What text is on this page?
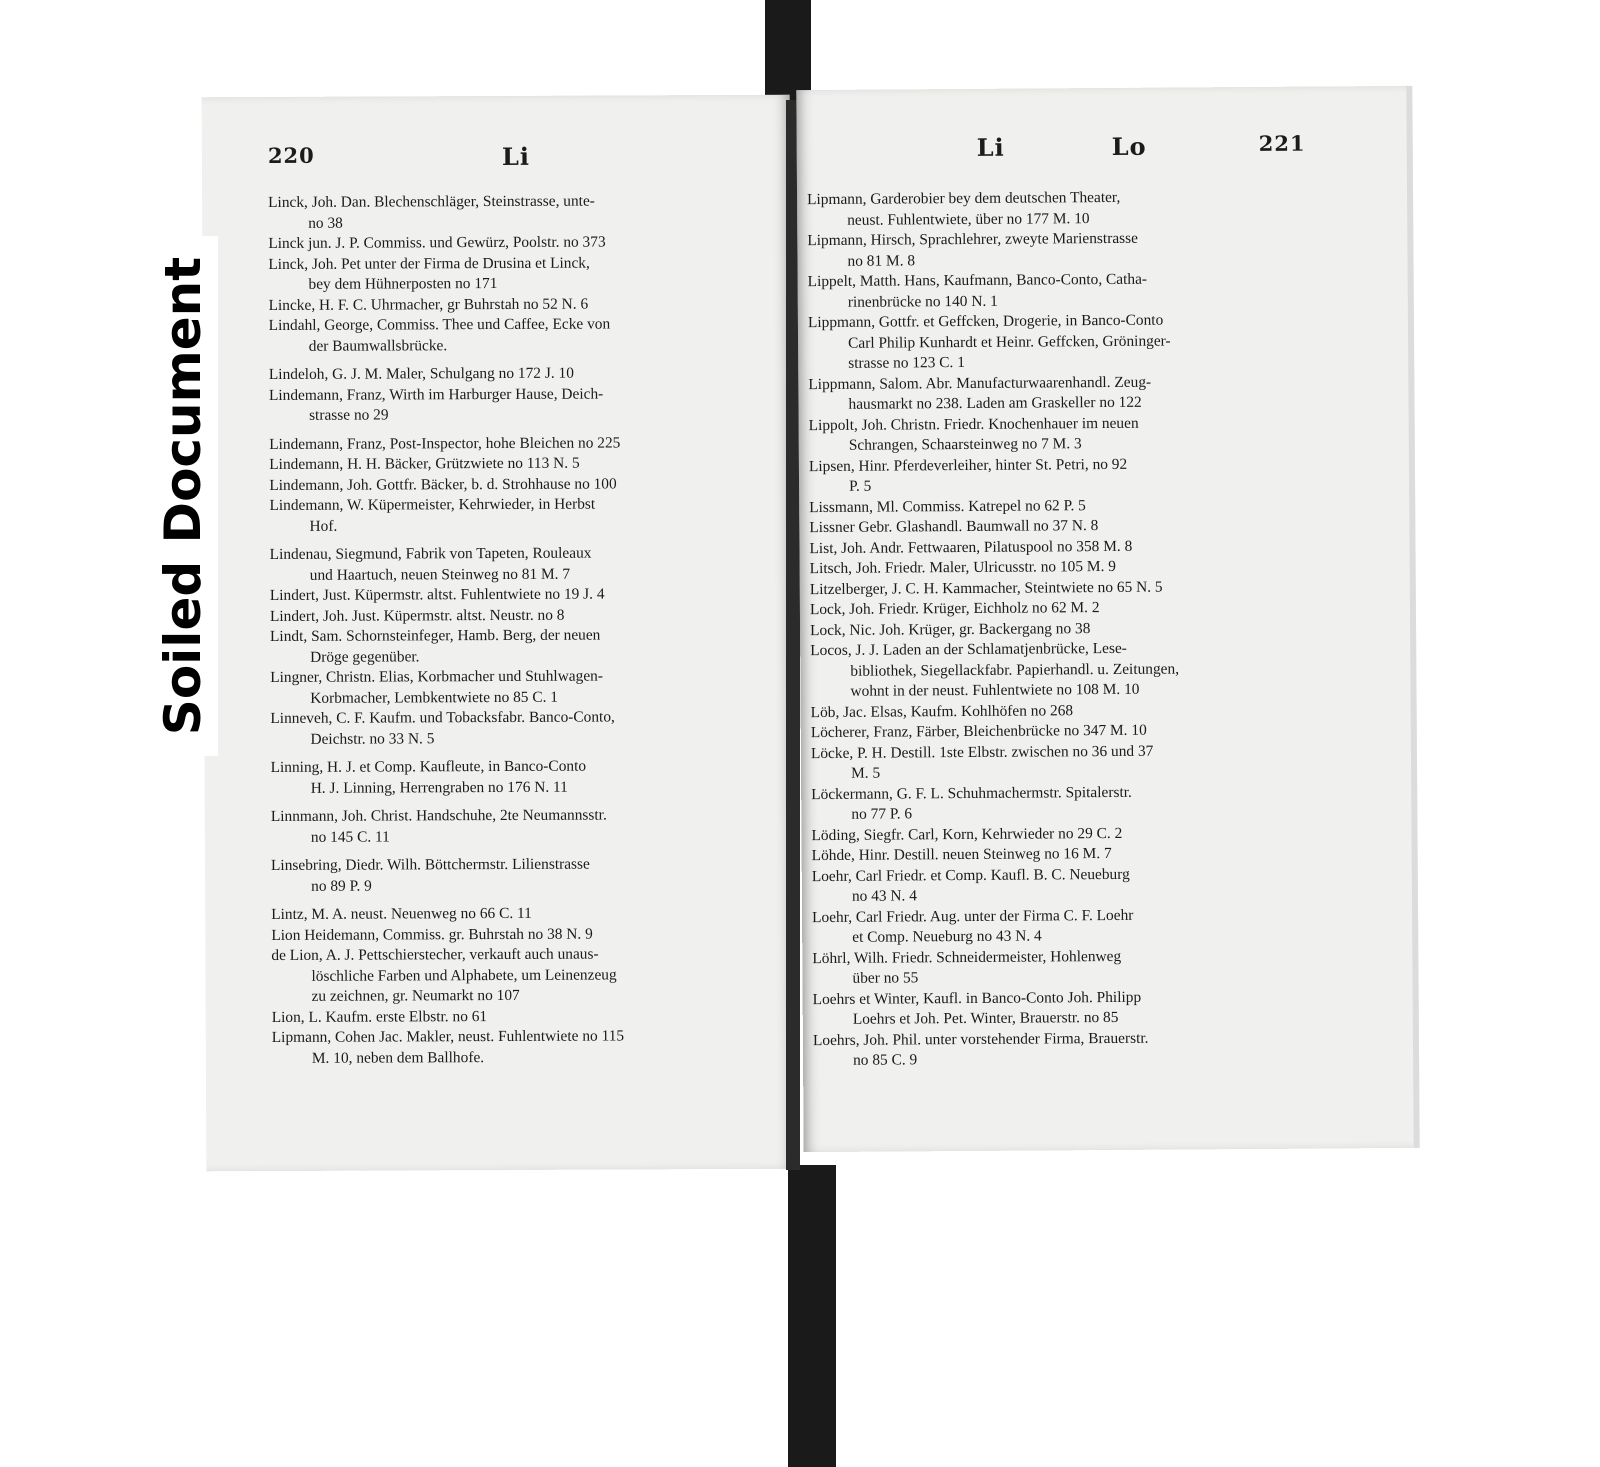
220	Li
Linck, Joh. Dan. Blechenschläger, Steinstrasse, unte-
no 38
Linck jun. J. P. Commiss. und Gewürz, Poolstr. no 373
Linck, Joh. Pet unter der Firma de Drusina et Linck,
bey dem Hühnerposten no 171
Lincke, H. F. C. Uhrmacher, gr Buhrstah no 52 N. 6
Lindahl, George, Commiss. Thee und Caffee, Ecke von
der Baumwallsbrücke.
Lindeloh, G. J. M. Maler, Schulgang no 172 J. 10
Lindemann, Franz, Wirth im Harburger Hause, Deich-
strasse no 29
Lindemann, Franz, Post-Inspector, hohe Bleichen no 225
Lindemann, H. H. Bäcker, Grützwiete no 113 N. 5
Lindemann, Joh. Gottfr. Bäcker, b. d. Strohhause no 100
Lindemann, W. Küpermeister, Kehrwieder, in Herbst
Hof.
Lindenau, Siegmund, Fabrik von Tapeten, Rouleaux
und Haartuch, neuen Steinweg no 81 M. 7
Lindert, Just. Küpermstr. altst. Fuhlentwiete no 19 J. 4
Lindert, Joh. Just. Küpermstr. altst. Neustr. no 8
Lindt, Sam. Schornsteinfeger, Hamb. Berg, der neuen
Dröge gegenüber.
Lingner, Christn. Elias, Korbmacher und Stuhlwagen-
Korbmacher, Lembkentwiete no 85 C. 1
Linneveh, C. F. Kaufm. und Tobacksfabr. Banco-Conto,
Deichstr. no 33 N. 5
Linning, H. J. et Comp. Kaufleute, in Banco-Conto
H. J. Linning, Herrengraben no 176 N. 11
Linnmann, Joh. Christ. Handschuhe, 2te Neumannsstr.
no 145 C. 11
Linsebring, Diedr. Wilh. Böttchermstr. Lilienstrasse
no 89 P. 9
Lintz, M. A. neust. Neuenweg no 66 C. 11
Lion Heidemann, Commiss. gr. Buhrstah no 38 N. 9
de Lion, A. J. Pettschierstecher, verkauft auch unaus-
löschliche Farben und Alphabete, um Leinenzeug
zu zeichnen, gr. Neumarkt no 107
Lion, L. Kaufm. erste Elbstr. no 61
Lipmann, Cohen Jac. Makler, neust. Fuhlentwiete no 115
M. 10, neben dem Ballhofe.
Li	Lo	221
Lipmann, Garderobier bey dem deutschen Theater,
neust. Fuhlentwiete, über no 177 M. 10
Lipmann, Hirsch, Sprachlehrer, zweyte Marienstrasse
no 81 M. 8
Lippelt, Matth. Hans, Kaufmann, Banco-Conto, Catha-
rinenbrücke no 140 N. 1
Lippmann, Gottfr. et Geffcken, Drogerie, in Banco-Conto
Carl Philip Kunhardt et Heinr. Geffcken, Gröninger-
strasse no 123 C. 1
Lippmann, Salom. Abr. Manufacturwaarenhandl. Zeug-
hausmarkt no 238. Laden am Graskeller no 122
Lippolt, Joh. Christn. Friedr. Knochenhauer im neuen
Schrangen, Schaarsteinweg no 7 M. 3
Lipsen, Hinr. Pferdeverleiher, hinter St. Petri, no 92
P. 5
Lissmann, Ml. Commiss. Katrepel no 62 P. 5
Lissner Gebr. Glashandl. Baumwall no 37 N. 8
List, Joh. Andr. Fettwaaren, Pilatuspool no 358 M. 8
Litsch, Joh. Friedr. Maler, Ulricusstr. no 105 M. 9
Litzelberger, J. C. H. Kammacher, Steintwiete no 65 N. 5
Lock, Joh. Friedr. Krüger, Eichholz no 62 M. 2
Lock, Nic. Joh. Krüger, gr. Backergang no 38
Locos, J. J. Laden an der Schlamatjenbrücke, Lese-
bibliothek, Siegellackfabr. Papierhandl. u. Zeitungen,
wohnt in der neust. Fuhlentwiete no 108 M. 10
Löb, Jac. Elsas, Kaufm. Kohlhöfen no 268
Löcherer, Franz, Färber, Bleichenbrücke no 347 M. 10
Löcke, P. H. Destill. 1ste Elbstr. zwischen no 36 und 37
M. 5
Löckermann, G. F. L. Schuhmachermstr. Spitalerstr.
no 77 P. 6
Löding, Siegfr. Carl, Korn, Kehrwieder no 29 C. 2
Löhde, Hinr. Destill. neuen Steinweg no 16 M. 7
Loehr, Carl Friedr. et Comp. Kaufl. B. C. Neueburg
no 43 N. 4
Loehr, Carl Friedr. Aug. unter der Firma C. F. Loehr
et Comp. Neueburg no 43 N. 4
Löhrl, Wilh. Friedr. Schneidermeister, Hohlenweg
über no 55
Loehrs et Winter, Kaufl. in Banco-Conto Joh. Philipp
Loehrs et Joh. Pet. Winter, Brauerstr. no 85
Loehrs, Joh. Phil. unter vorstehender Firma, Brauerstr.
no 85 C. 9
Soiled Document
